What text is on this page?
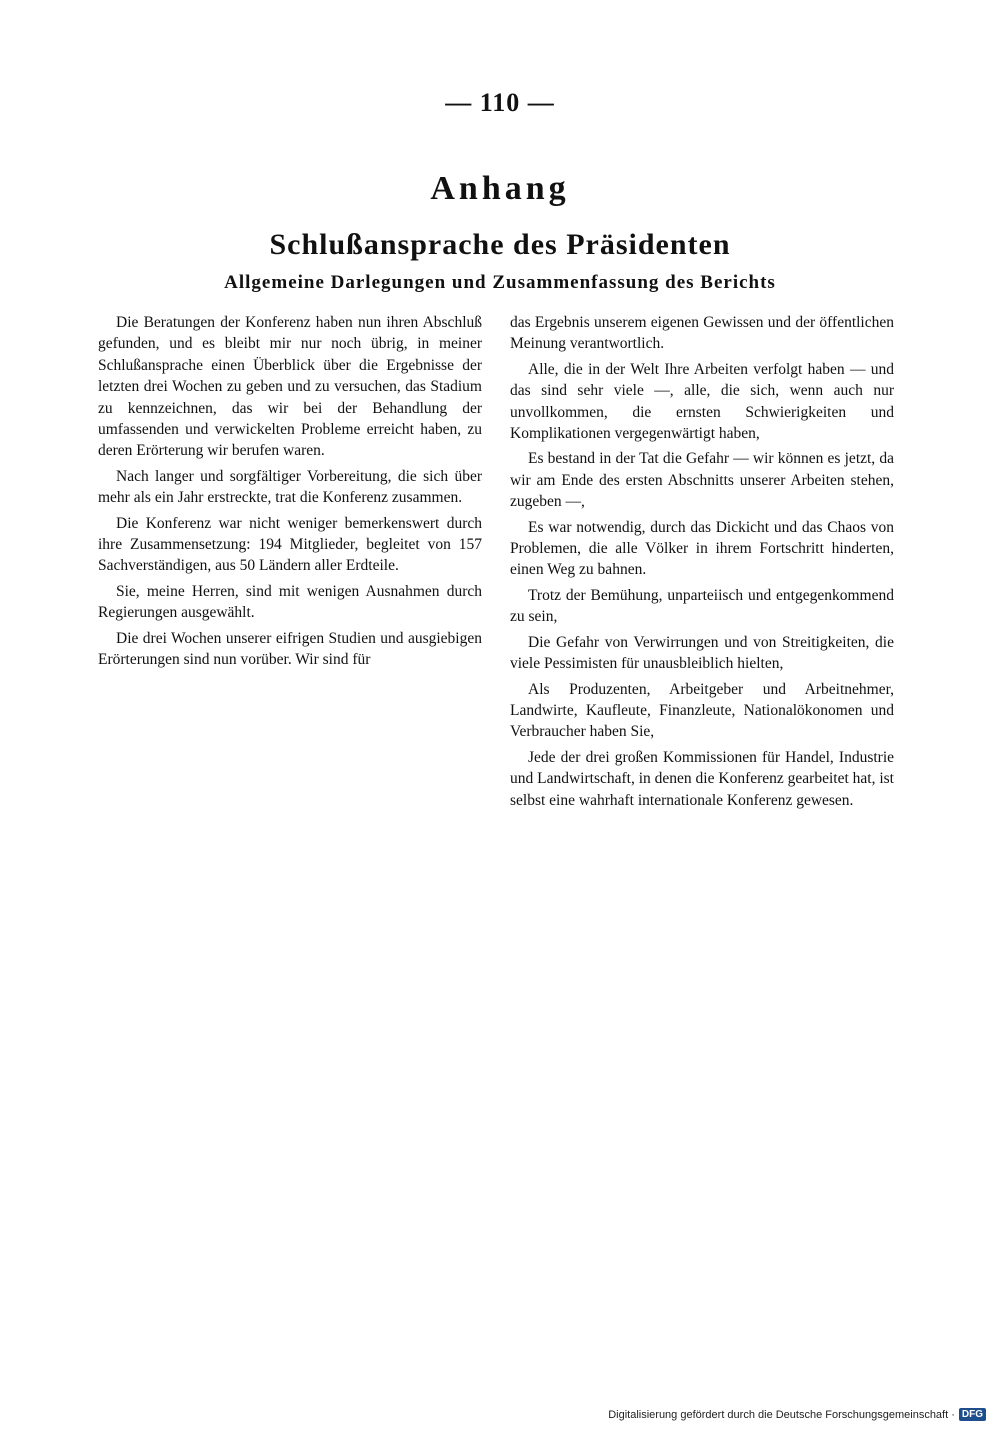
— 110 —
Anhang
Schlußansprache des Präsidenten
Allgemeine Darlegungen und Zusammenfassung des Berichts

Die Beratungen der Konferenz haben nun ihren Abschluß gefunden, und es bleibt mir nur noch übrig, in meiner Schlußansprache einen Überblick über die Ergebnisse der letzten drei Wochen zu geben und zu versuchen, das Stadium zu kennzeichnen, das wir bei der Behandlung der umfassenden und verwickelten Probleme erreicht haben, zu deren Erörterung wir berufen waren.

Nach langer und sorgfältiger Vorbereitung, die sich über mehr als ein Jahr erstreckte, trat die Konferenz zusammen.

Die Konferenz war nicht weniger bemerkenswert durch ihre Zusammensetzung: 194 Mitglieder, begleitet von 157 Sachverständigen, aus 50 Ländern aller Erdteile.

Sie, meine Herren, sind mit wenigen Ausnahmen durch Regierungen ausgewählt.

Die drei Wochen unserer eifrigen Studien und ausgiebigen Erörterungen sind nun vorüber. Wir sind für

das Ergebnis unserem eigenen Gewissen und der öffentlichen Meinung verantwortlich.

Alle, die in der Welt Ihre Arbeiten verfolgt haben — und das sind sehr viele —, alle, die sich, wenn auch nur unvollkommen, die ernsten Schwierigkeiten und Komplikationen vergegenwärtigt haben,

Es bestand in der Tat die Gefahr — wir können es jetzt, da wir am Ende des ersten Abschnitts unserer Arbeiten stehen, zugeben —,

Es war notwendig, durch das Dickicht und das Chaos von Problemen, die alle Völker in ihrem Fortschritt hinderten, einen Weg zu bahnen.

Trotz der Bemühung, unparteiisch und entgegenkommend zu sein,

Die Gefahr von Verwirrungen und von Streitigkeiten, die viele Pessimisten für unausbleiblich hielten,

Als Produzenten, Arbeitgeber und Arbeitnehmer, Landwirte, Kaufleute, Finanzleute, Nationalökonomen und Verbraucher haben Sie,

Jede der drei großen Kommissionen für Handel, Industrie und Landwirtschaft, in denen die Konferenz gearbeitet hat, ist selbst eine wahrhaft internationale Konferenz gewesen.

Digitalisierung gefördert durch die Deutsche Forschungsgemeinschaft · DFG
